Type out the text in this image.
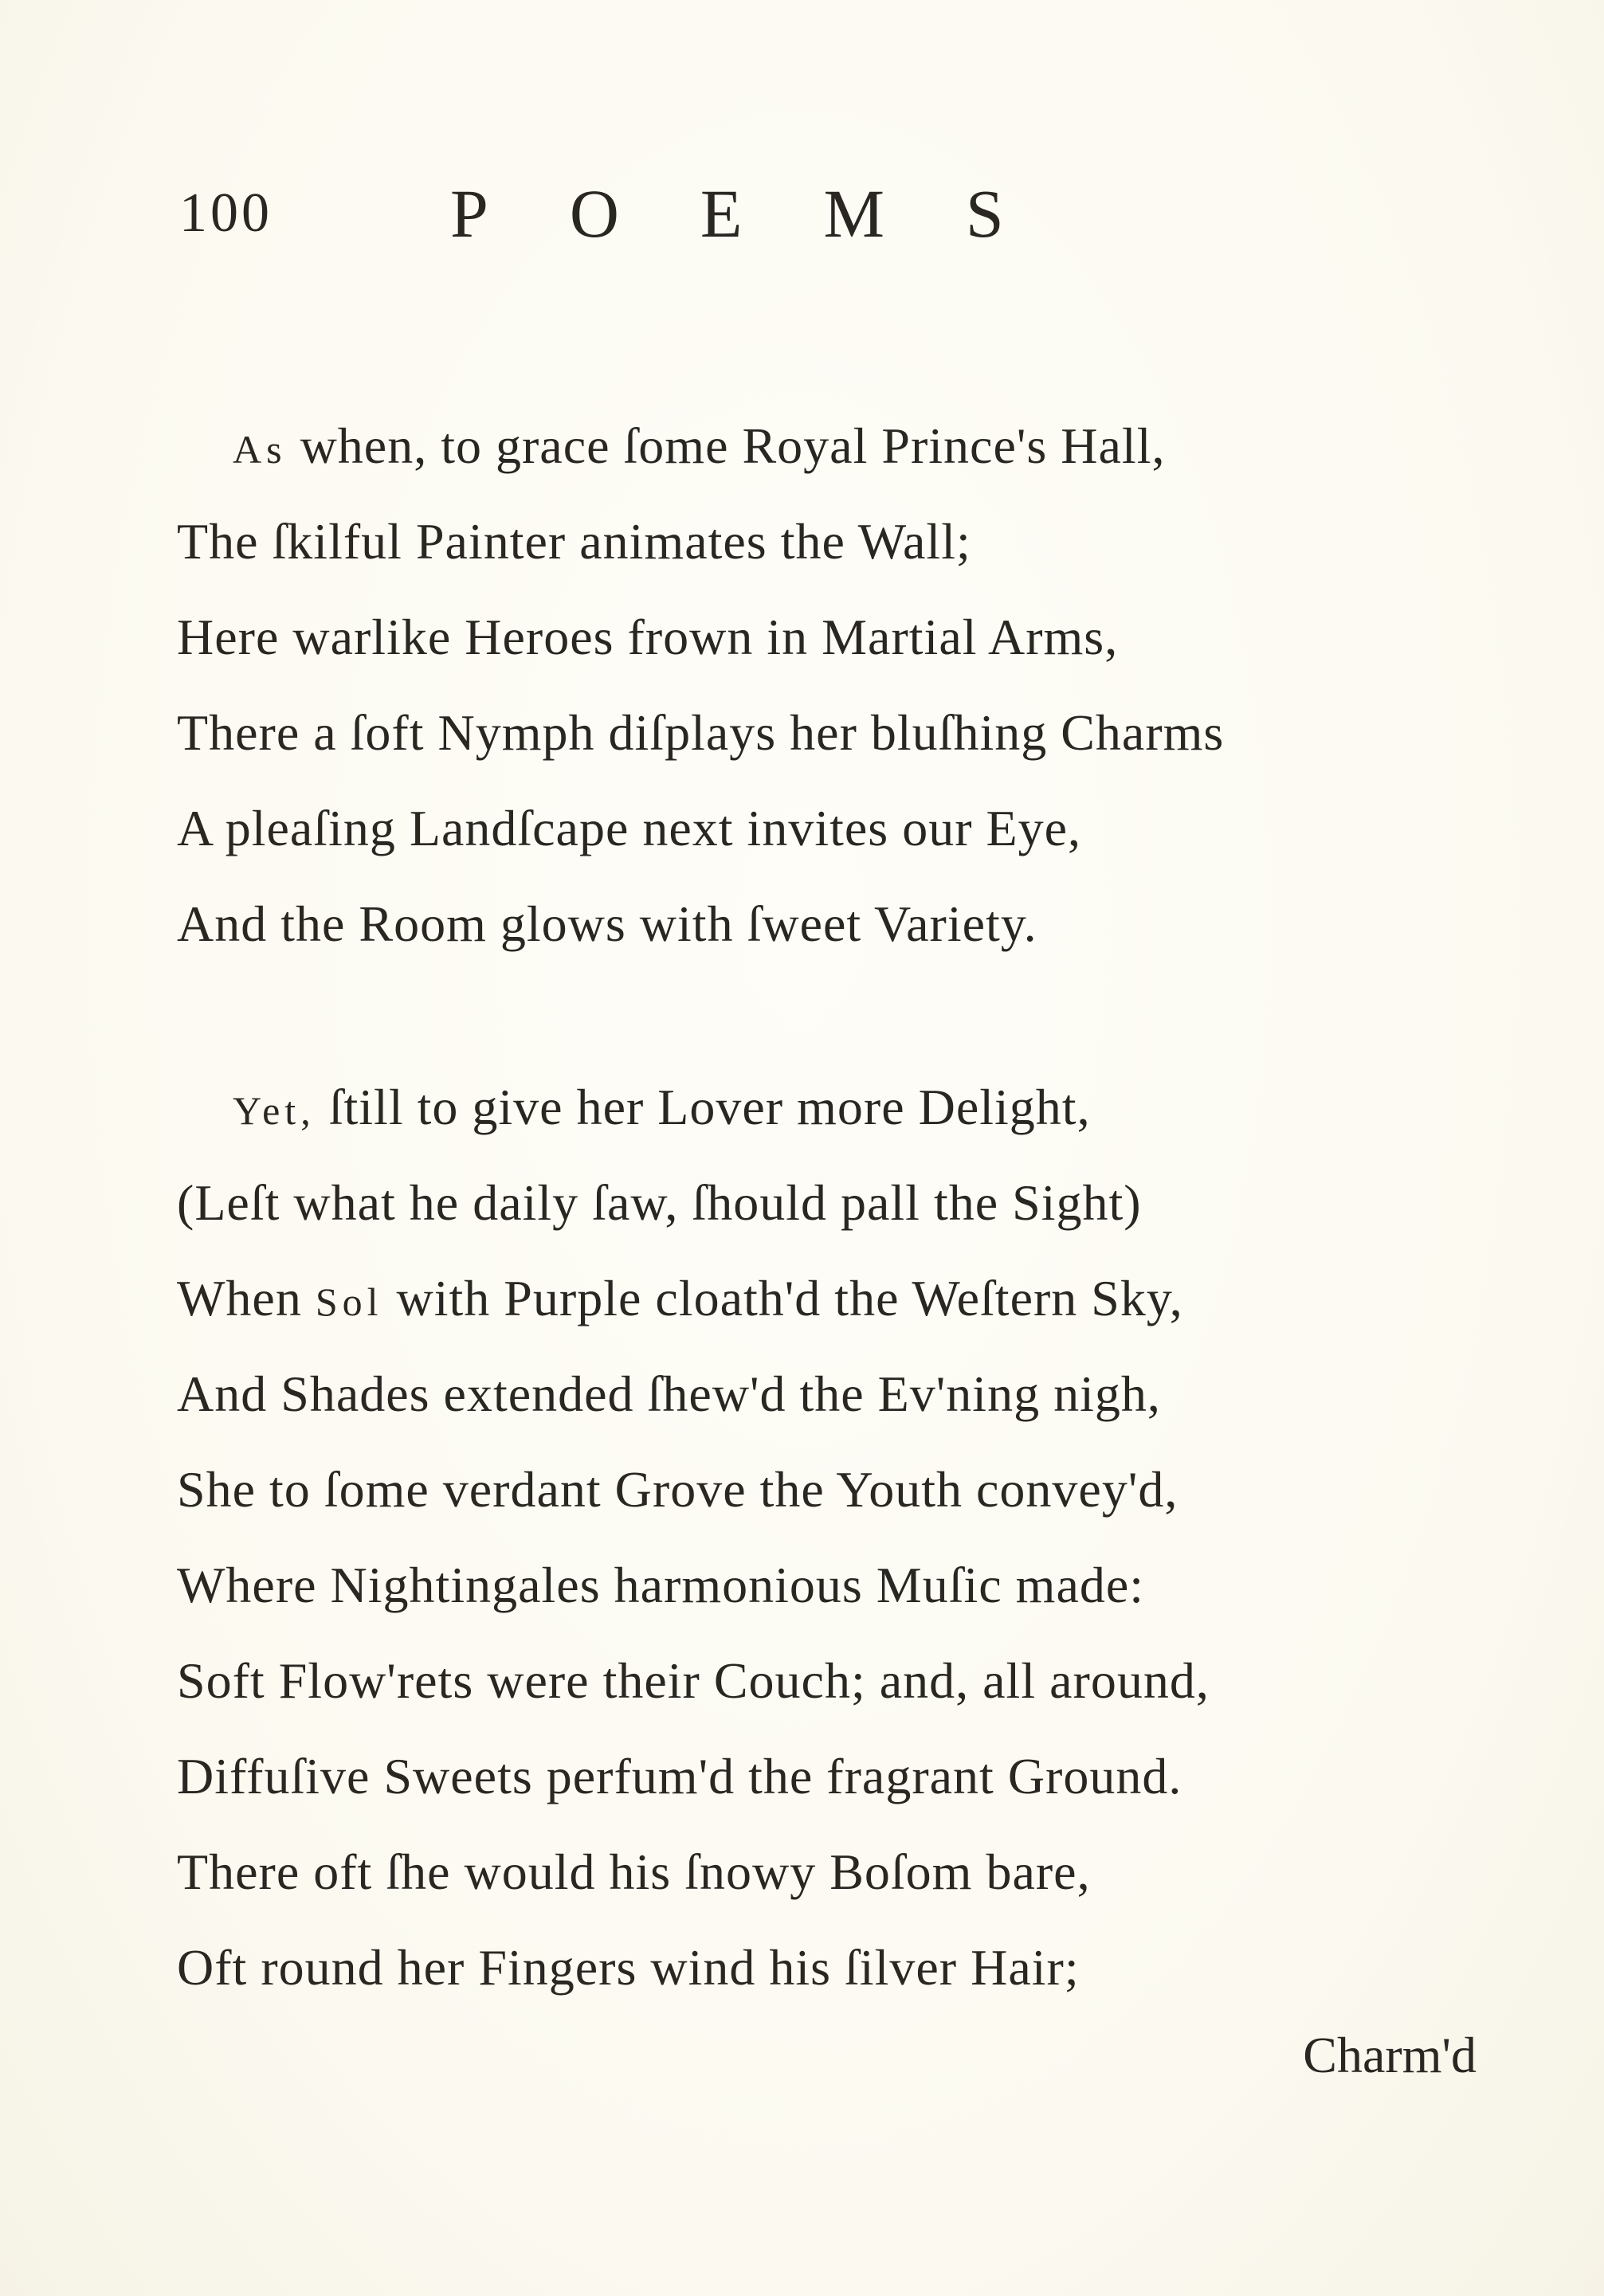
100	POEMS
As when, to grace ſome Royal Prince's Hall,
The ſkilful Painter animates the Wall;
Here warlike Heroes frown in Martial Arms,
There a ſoft Nymph diſplays her bluſhing Charms
A pleaſing Landſcape next invites our Eye,
And the Room glows with ſweet Variety.
Yet, ſtill to give her Lover more Delight,
(Leſt what he daily ſaw, ſhould pall the Sight)
When Sol with Purple cloath'd the Weſtern Sky,
And Shades extended ſhew'd the Ev'ning nigh,
She to ſome verdant Grove the Youth convey'd,
Where Nightingales harmonious Muſic made:
Soft Flow'rets were their Couch; and, all around,
Diffuſive Sweets perfum'd the fragrant Ground.
There oft ſhe would his ſnowy Boſom bare,
Oft round her Fingers wind his ſilver Hair;
Charm'd
